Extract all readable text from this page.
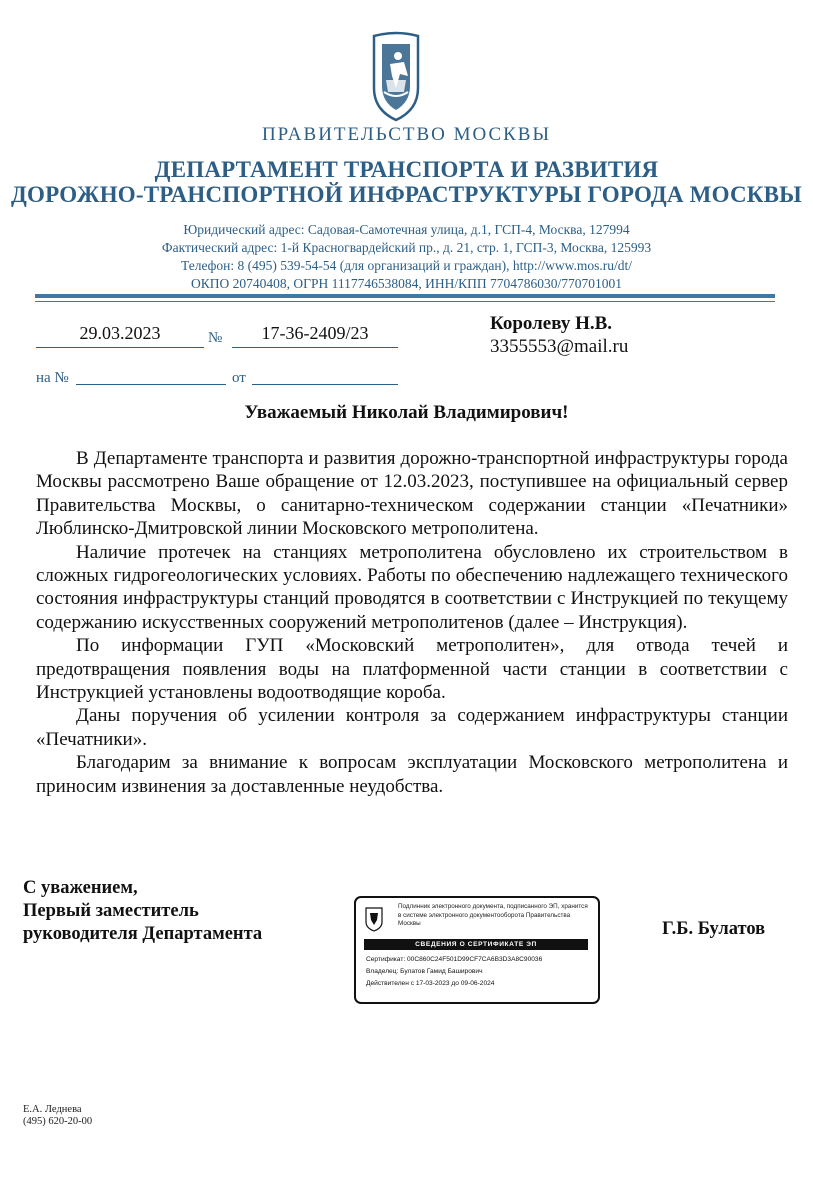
ПРАВИТЕЛЬСТВО МОСКВЫ
ДЕПАРТАМЕНТ ТРАНСПОРТА И РАЗВИТИЯ
ДОРОЖНО-ТРАНСПОРТНОЙ ИНФРАСТРУКТУРЫ ГОРОДА МОСКВЫ
Юридический адрес: Садовая-Самотечная улица, д.1, ГСП-4, Москва, 127994
Фактический адрес: 1-й Красногвардейский пр., д. 21, стр. 1, ГСП-3, Москва, 125993
Телефон: 8 (495) 539-54-54 (для организаций и граждан), http://www.mos.ru/dt/
ОКПО 20740408, ОГРН 1117746538084, ИНН/КПП 7704786030/770701001
29.03.2023	№	17-36-2409/23
на №	от
Королеву Н.В.
3355553@mail.ru
Уважаемый Николай Владимирович!

В Департаменте транспорта и развития дорожно-транспортной инфраструктуры города Москвы рассмотрено Ваше обращение от 12.03.2023, поступившее на официальный сервер Правительства Москвы, о санитарно-техническом содержании станции «Печатники» Люблинско-Дмитровской линии Московского метрополитена.

Наличие протечек на станциях метрополитена обусловлено их строительством в сложных гидрогеологических условиях. Работы по обеспечению надлежащего технического состояния инфраструктуры станций проводятся в соответствии с Инструкцией по текущему содержанию искусственных сооружений метрополитенов (далее – Инструкция).

По информации ГУП «Московский метрополитен», для отвода течей и предотвращения появления воды на платформенной части станции в соответствии с Инструкцией установлены водоотводящие короба.

Даны поручения об усилении контроля за содержанием инфраструктуры станции «Печатники».

Благодарим за внимание к вопросам эксплуатации Московского метрополитена и приносим извинения за доставленные неудобства.

С уважением,
Первый заместитель
руководителя Департамента	Г.Б. Булатов
Подлинник электронного документа, подписанного ЭП, хранится в системе электронного документооборота Правительства Москвы
СВЕДЕНИЯ О СЕРТИФИКАТЕ ЭП
Сертификат: 00C860C24F501D99CF7CA6B3D3A8C90036
Владелец: Булатов Гамид Баширович
Действителен с 17-03-2023 до 09-06-2024
Е.А. Леднева
(495) 620-20-00
